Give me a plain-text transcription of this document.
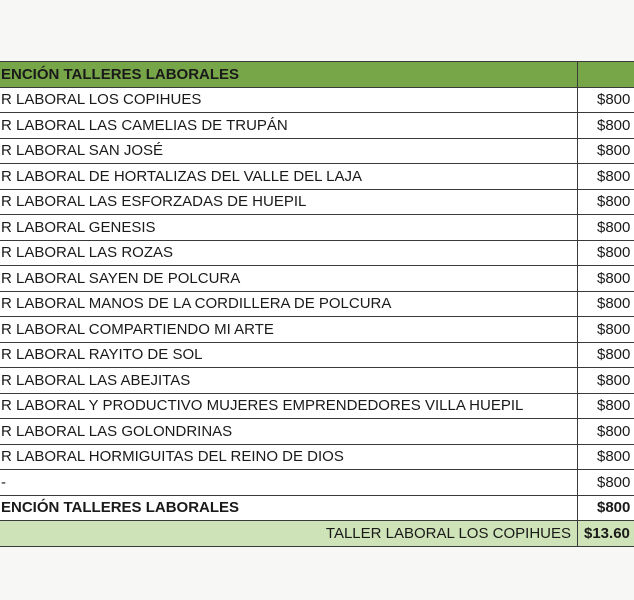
ENCIÓN TALLERES LABORALES	
R LABORAL LOS COPIHUES	$800
R LABORAL LAS CAMELIAS DE TRUPÁN	$800
R LABORAL SAN JOSÉ	$800
R LABORAL DE HORTALIZAS DEL VALLE DEL LAJA	$800
R LABORAL LAS ESFORZADAS DE HUEPIL	$800
R LABORAL GENESIS	$800
R LABORAL LAS ROZAS	$800
R LABORAL SAYEN DE POLCURA	$800
R LABORAL MANOS DE LA CORDILLERA DE POLCURA	$800
R LABORAL COMPARTIENDO MI ARTE	$800
R LABORAL RAYITO DE SOL	$800
R LABORAL LAS ABEJITAS	$800
R LABORAL Y PRODUCTIVO MUJERES EMPRENDEDORES VILLA HUEPIL	$800
R LABORAL LAS GOLONDRINAS	$800
R LABORAL HORMIGUITAS DEL REINO DE DIOS	$800
-	$800
ENCIÓN TALLERES LABORALES	$800
TALLER LABORAL LOS COPIHUES	$13.60
